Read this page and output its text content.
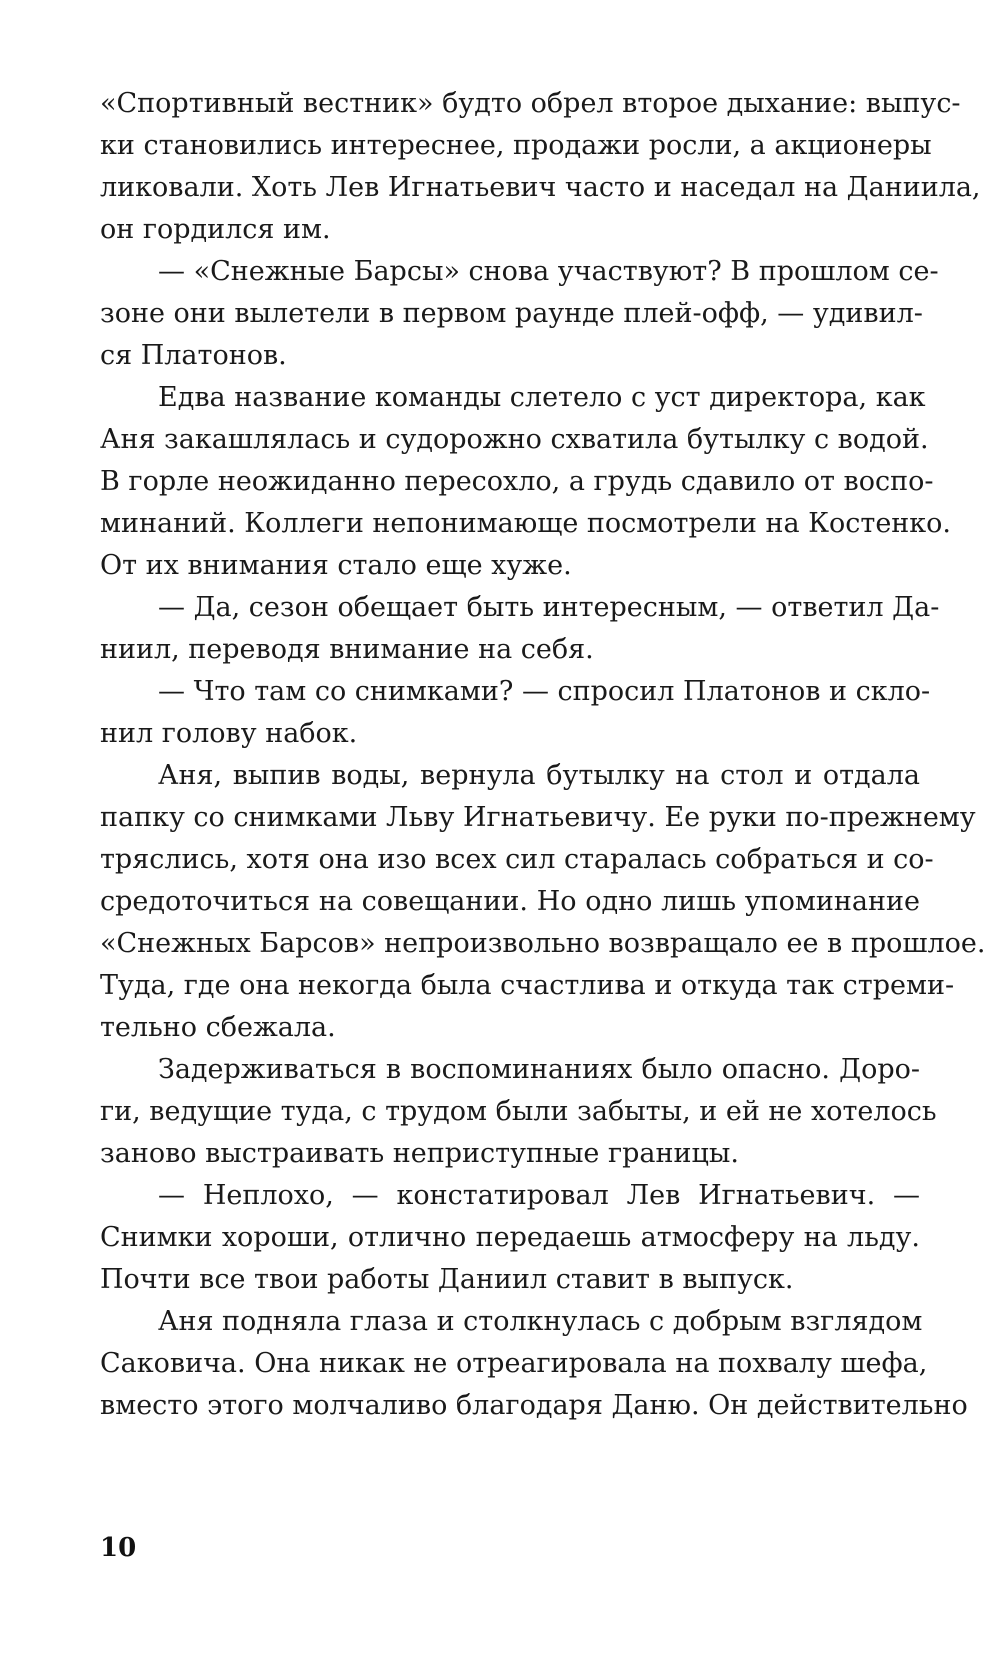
«Спортивный вестник» будто обрел второе дыхание: выпус-
ки становились интереснее, продажи росли, а акционеры
ликовали. Хоть Лев Игнатьевич часто и наседал на Даниила,
он гордился им.
— «Снежные Барсы» снова участвуют? В прошлом се-
зоне они вылетели в первом раунде плей-офф, — удивил-
ся Платонов.
Едва название команды слетело с уст директора, как
Аня закашлялась и судорожно схватила бутылку с водой.
В горле неожиданно пересохло, а грудь сдавило от воспо-
минаний. Коллеги непонимающе посмотрели на Костенко.
От их внимания стало еще хуже.
— Да, сезон обещает быть интересным, — ответил Да-
ниил, переводя внимание на себя.
— Что там со снимками? — спросил Платонов и скло-
нил голову набок.
Аня, выпив воды, вернула бутылку на стол и отдала
папку со снимками Льву Игнатьевичу. Ее руки по-прежнему
тряслись, хотя она изо всех сил старалась собраться и со-
средоточиться на совещании. Но одно лишь упоминание
«Снежных Барсов» непроизвольно возвращало ее в прошлое.
Туда, где она некогда была счастлива и откуда так стреми-
тельно сбежала.
Задерживаться в воспоминаниях было опасно. Доро-
ги, ведущие туда, с трудом были забыты, и ей не хотелось
заново выстраивать неприступные границы.
— Неплохо, — констатировал Лев Игнатьевич. —
Снимки хороши, отлично передаешь атмосферу на льду.
Почти все твои работы Даниил ставит в выпуск.
Аня подняла глаза и столкнулась с добрым взглядом
Саковича. Она никак не отреагировала на похвалу шефа,
вместо этого молчаливо благодаря Даню. Он действительно
10
